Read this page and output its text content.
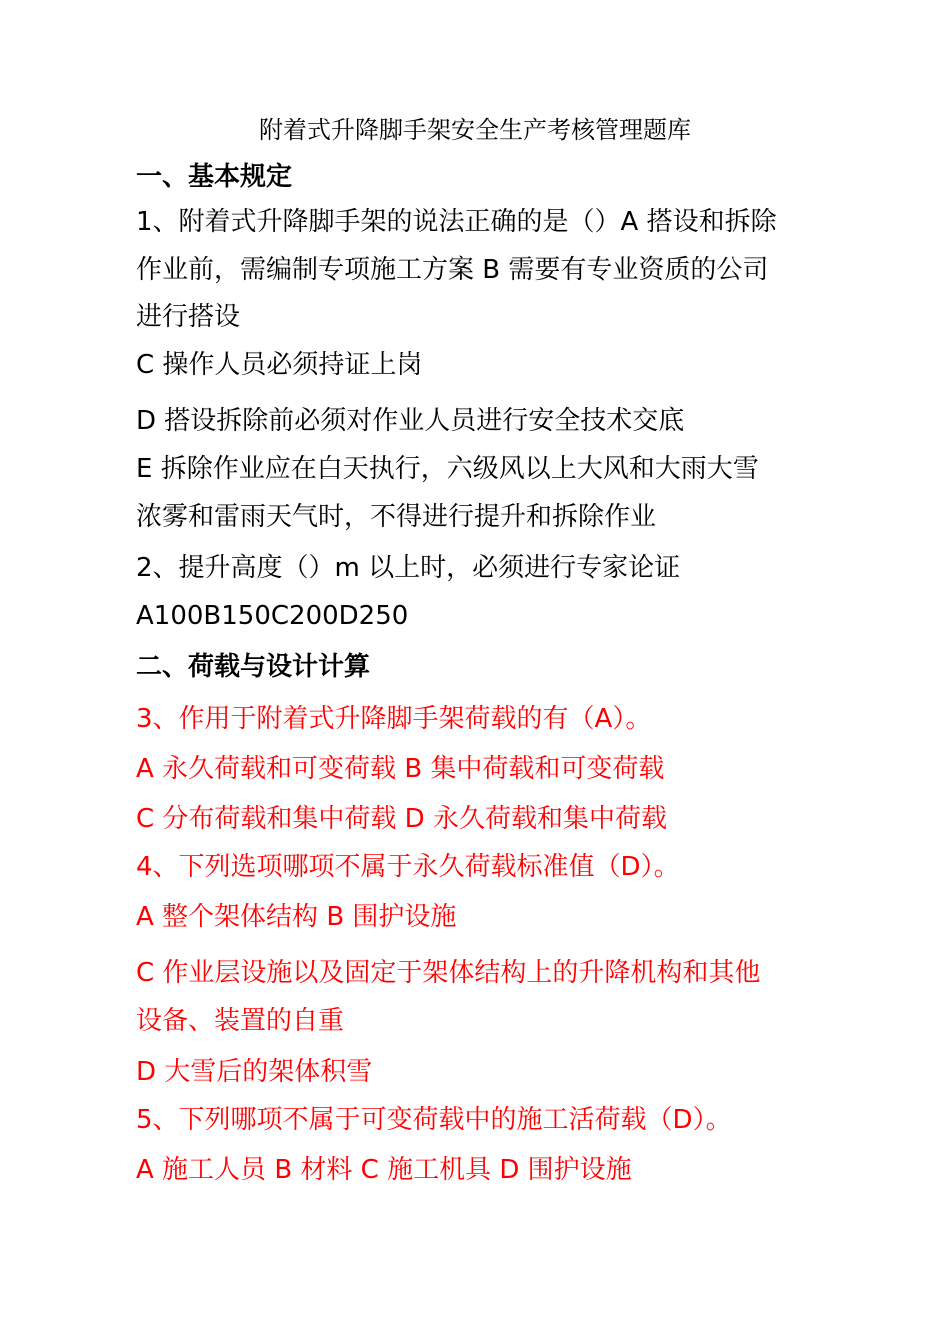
附着式升降脚手架安全生产考核管理题库
一、基本规定
1、附着式升降脚手架的说法正确的是（）A 搭设和拆除
作业前，需编制专项施工方案 B 需要有专业资质的公司
进行搭设
C 操作人员必须持证上岗
D 搭设拆除前必须对作业人员进行安全技术交底
E 拆除作业应在白天执行，六级风以上大风和大雨大雪
浓雾和雷雨天气时，不得进行提升和拆除作业
2、提升高度（）m 以上时，必须进行专家论证
A100B150C200D250
二、荷载与设计计算
3、作用于附着式升降脚手架荷载的有（A）。
A 永久荷载和可变荷载 B 集中荷载和可变荷载
C 分布荷载和集中荷载 D 永久荷载和集中荷载
4、下列选项哪项不属于永久荷载标准值（D）。
A 整个架体结构 B 围护设施
C 作业层设施以及固定于架体结构上的升降机构和其他
设备、装置的自重
D 大雪后的架体积雪
5、下列哪项不属于可变荷载中的施工活荷载（D）。
A 施工人员 B 材料 C 施工机具 D 围护设施
